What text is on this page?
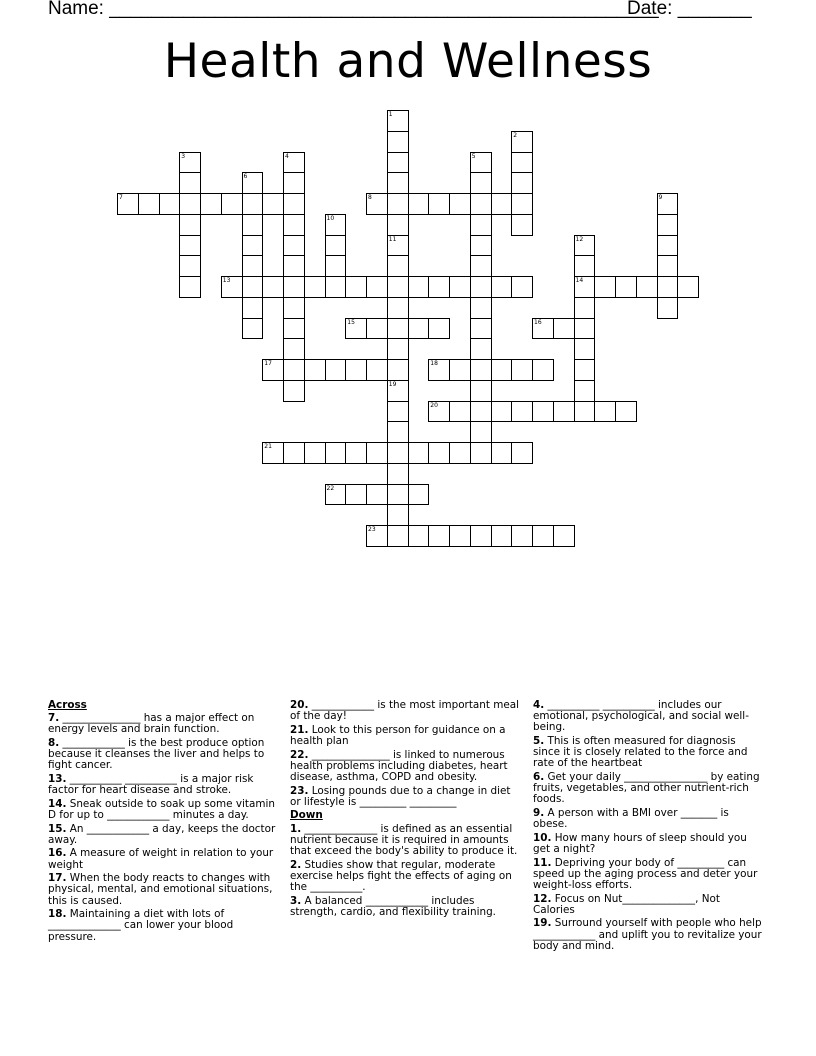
Name: ____________________________________________________
Date: _______
Health and Wellness
1
11
2
3	4	5
6
7	8	9
10
12
14
13
15	16
17	18
19
20
21
22
23
Across
7. _______________ has a major effect on energy levels and brain function.
8. ____________ is the best produce option because it cleanses the liver and helps to fight cancer.
13. __________ __________ is a major risk factor for heart disease and stroke.
14. Sneak outside to soak up some vitamin D for up to ____________ minutes a day.
15. An ____________ a day, keeps the doctor away.
16. A measure of weight in relation to your weight
17. When the body reacts to changes with physical, mental, and emotional situations, this is caused.
18. Maintaining a diet with lots of ______________ can lower your blood pressure.
20. ____________ is the most important meal of the day!
21. Look to this person for guidance on a health plan
22. _______________ is linked to numerous health problems including diabetes, heart disease, asthma, COPD and obesity.
23. Losing pounds due to a change in diet or lifestyle is _________ _________
Down
1. ______________ is defined as an essential nutrient because it is required in amounts that exceed the body's ability to produce it.
2. Studies show that regular, moderate exercise helps fight the effects of aging on the __________.
3. A balanced ____________ includes strength, cardio, and flexibility training.
4. __________ __________ includes our emotional, psychological, and social well-being.
5. This is often measured for diagnosis since it is closely related to the force and rate of the heartbeat
6. Get your daily ________________ by eating fruits, vegetables, and other nutrient-rich foods.
9. A person with a BMI over _______ is obese.
10. How many hours of sleep should you get a night?
11. Depriving your body of _________ can speed up the aging process and deter your weight-loss efforts.
12. Focus on Nut______________, Not Calories
19. Surround yourself with people who help ____________ and uplift you to revitalize your body and mind.
